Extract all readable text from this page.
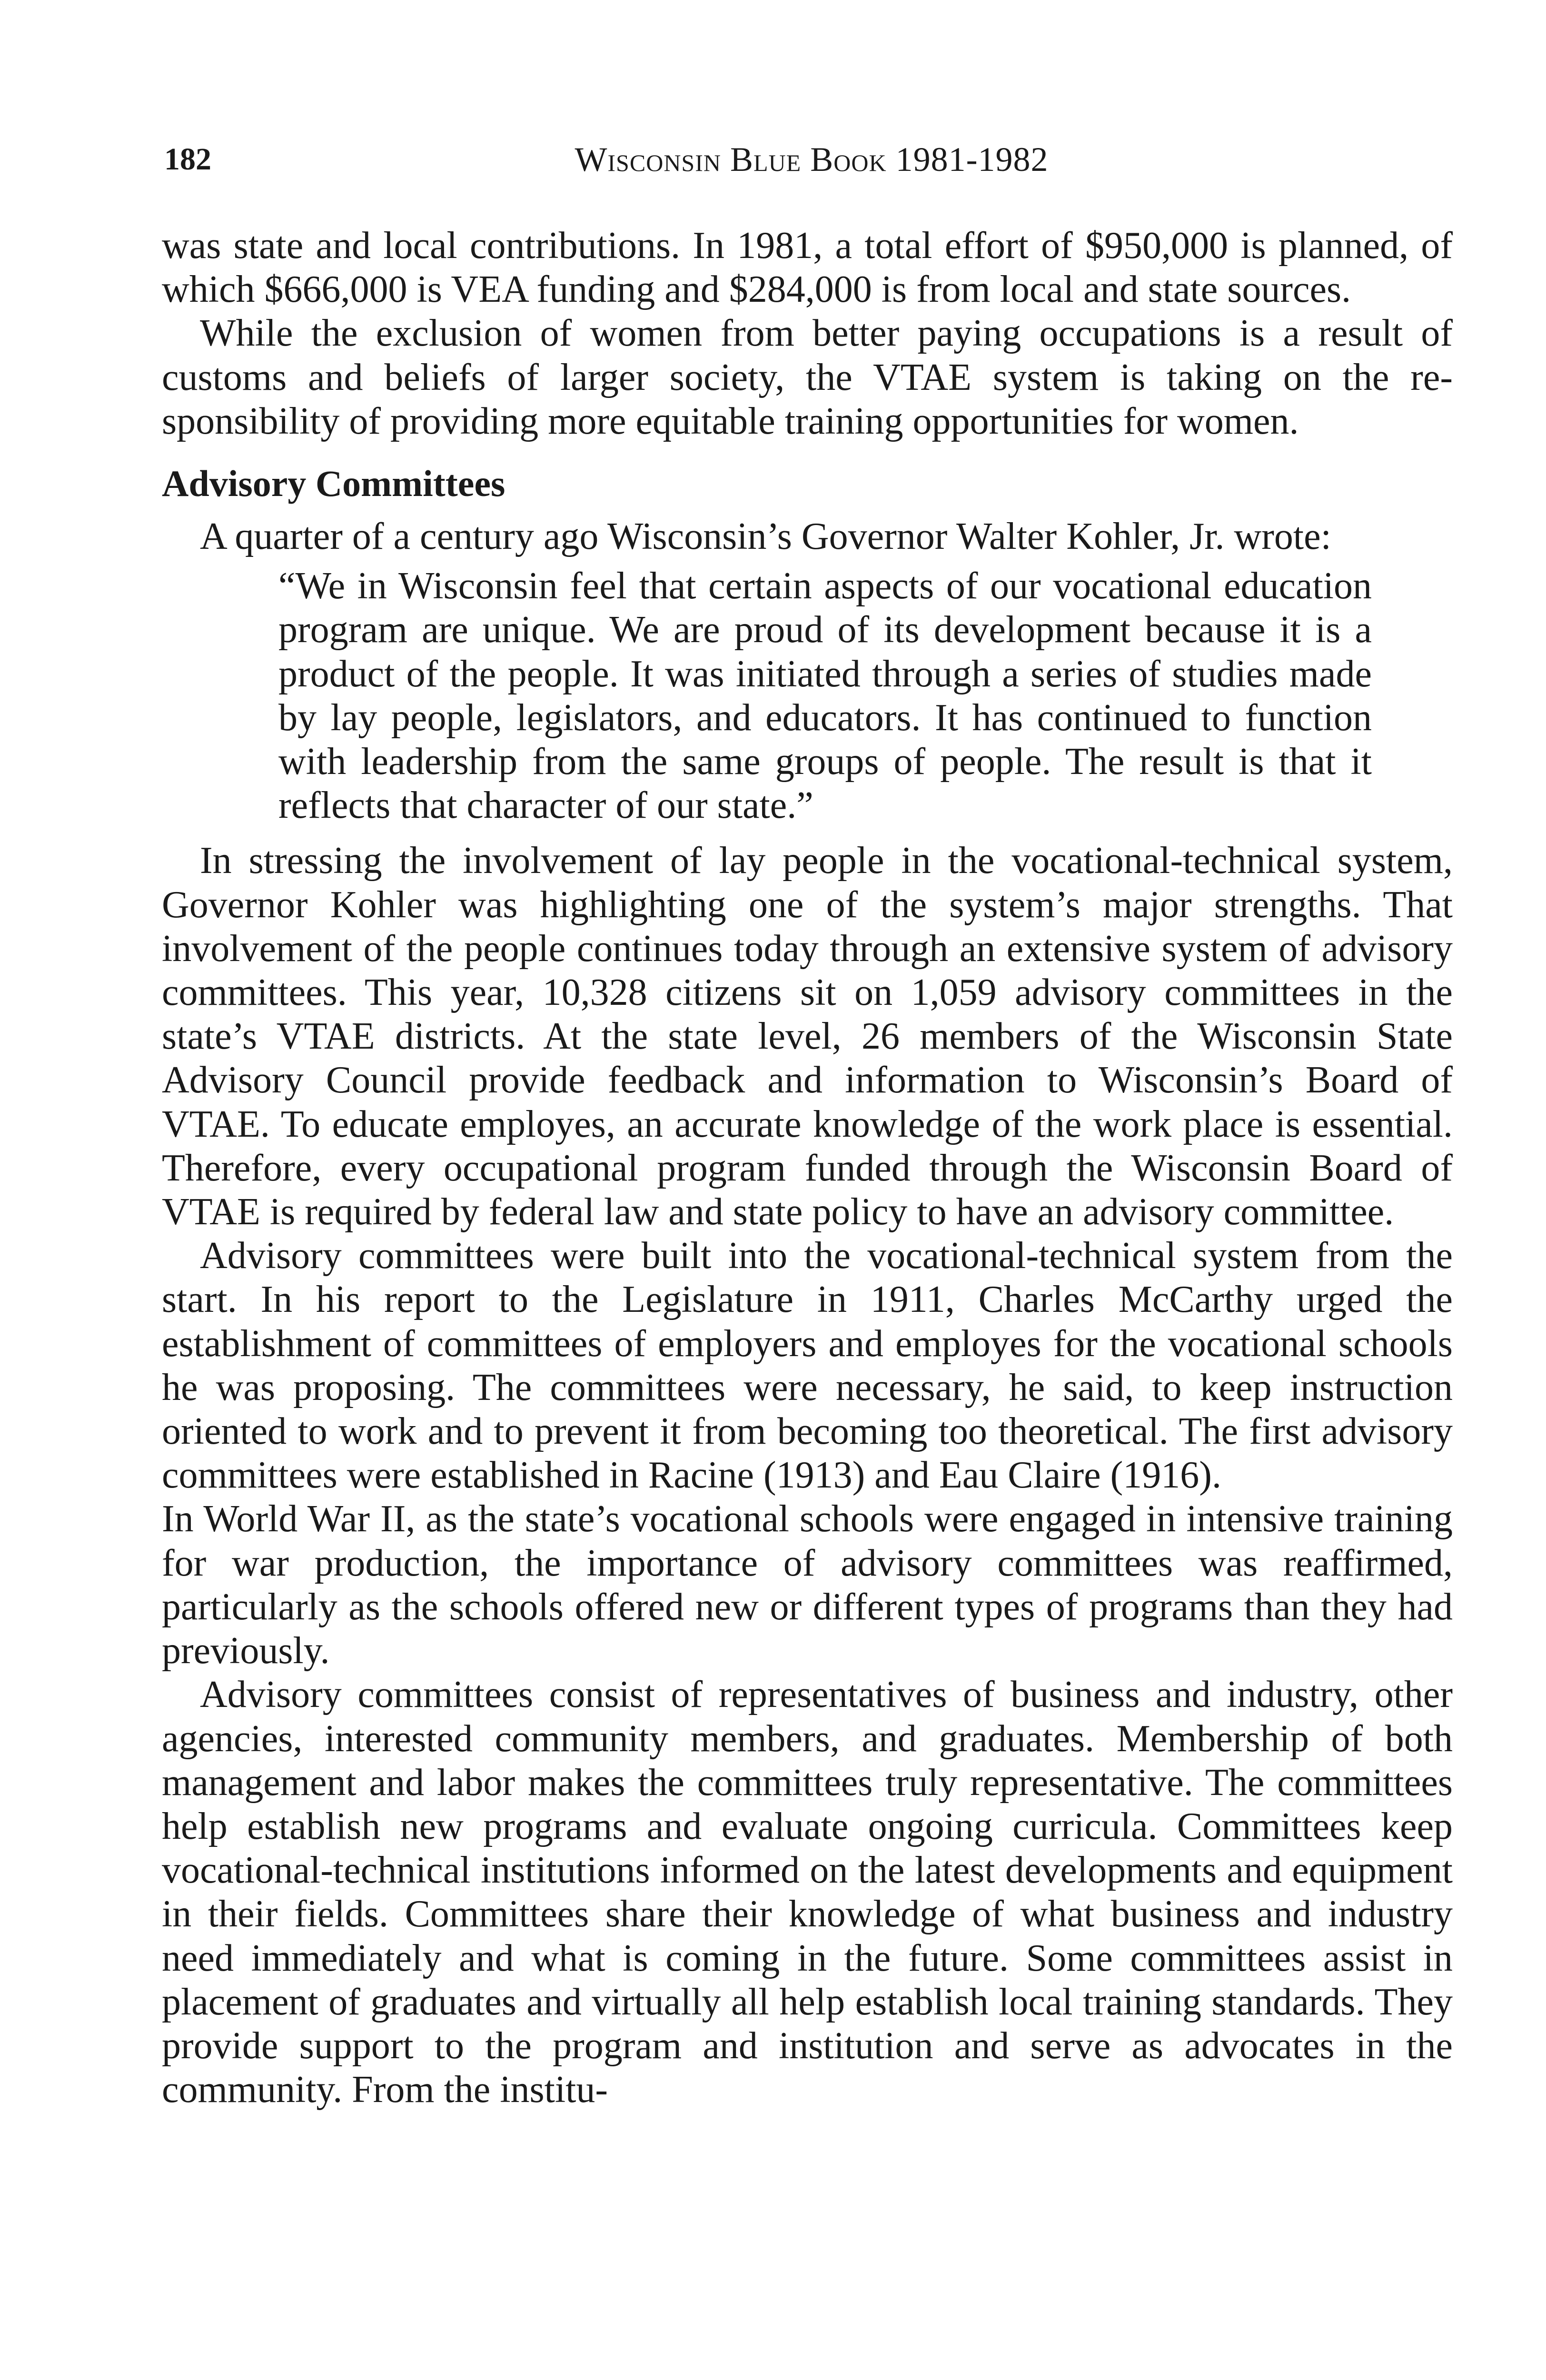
182	Wisconsin Blue Book 1981-1982

was state and local contributions. In 1981, a total effort of $950,000 is planned, of which $666,000 is VEA funding and $284,000 is from local and state sources.

While the exclusion of women from better paying occupations is a result of customs and beliefs of larger society, the VTAE system is taking on the responsibility of providing more equitable training opportunities for women.

Advisory Committees

A quarter of a century ago Wisconsin’s Governor Walter Kohler, Jr. wrote:

“We in Wisconsin feel that certain aspects of our vocational education program are unique. We are proud of its development because it is a product of the people. It was initiated through a series of studies made by lay people, legislators, and educators. It has continued to function with leadership from the same groups of people. The result is that it reflects that character of our state.”

In stressing the involvement of lay people in the vocational-technical system, Governor Kohler was highlighting one of the system’s major strengths. That involvement of the people continues today through an extensive system of advisory committees. This year, 10,328 citizens sit on 1,059 advisory committees in the state’s VTAE districts. At the state level, 26 members of the Wisconsin State Advisory Council provide feedback and information to Wisconsin’s Board of VTAE. To educate employes, an accurate knowledge of the work place is essential. Therefore, every occupational program funded through the Wisconsin Board of VTAE is required by federal law and state policy to have an advisory committee.

Advisory committees were built into the vocational-technical system from the start. In his report to the Legislature in 1911, Charles McCarthy urged the establishment of committees of employers and employes for the vocational schools he was proposing. The committees were necessary, he said, to keep instruction oriented to work and to prevent it from becoming too theoretical. The first advisory committees were established in Racine (1913) and Eau Claire (1916).

In World War II, as the state’s vocational schools were engaged in intensive training for war production, the importance of advisory committees was reaffirmed, particularly as the schools offered new or different types of programs than they had previously.

Advisory committees consist of representatives of business and industry, other agencies, interested community members, and graduates. Membership of both management and labor makes the committees truly representative. The committees help establish new programs and evaluate ongoing curricula. Committees keep vocational-technical institutions informed on the latest developments and equipment in their fields. Committees share their knowledge of what business and industry need immediately and what is coming in the future. Some committees assist in placement of graduates and virtually all help establish local training standards. They provide support to the program and institution and serve as advocates in the community. From the institu-
